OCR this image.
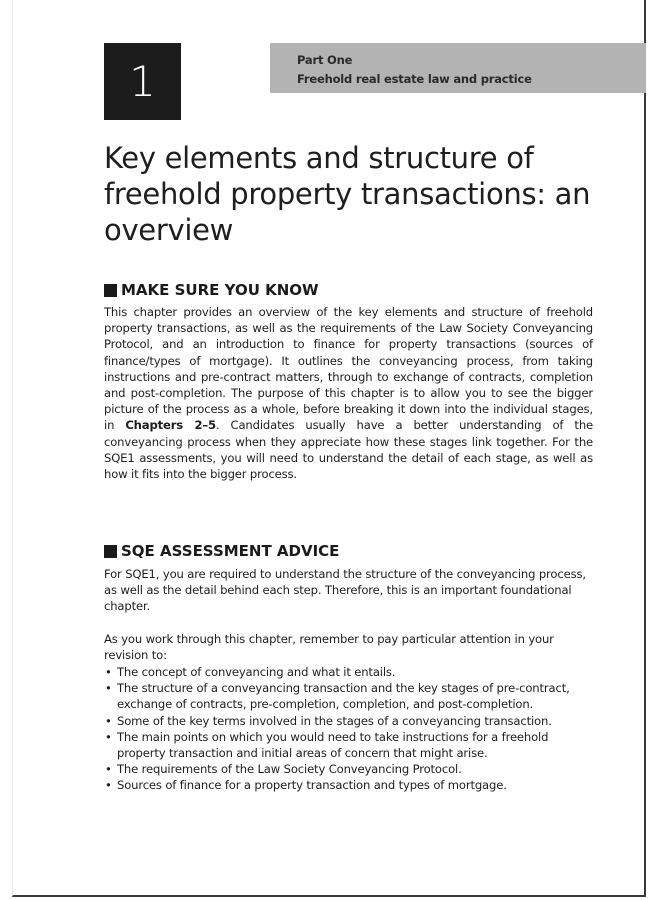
1	Part One
Freehold real estate law and practice
Key elements and structure of freehold property transactions: an overview
MAKE SURE YOU KNOW

This chapter provides an overview of the key elements and structure of freehold property transactions, as well as the requirements of the Law Society Conveyancing Protocol, and an introduction to finance for property transactions (sources of finance/types of mortgage). It outlines the conveyancing process, from taking instructions and pre-contract matters, through to exchange of contracts, completion and post-completion. The purpose of this chapter is to allow you to see the bigger picture of the process as a whole, before breaking it down into the individual stages, in Chapters 2–5. Candidates usually have a better understanding of the conveyancing process when they appreciate how these stages link together. For the SQE1 assessments, you will need to understand the detail of each stage, as well as how it fits into the bigger process.

SQE ASSESSMENT ADVICE

For SQE1, you are required to understand the structure of the conveyancing process, as well as the detail behind each step. Therefore, this is an important foundational chapter.

As you work through this chapter, remember to pay particular attention in your revision to:

• The concept of conveyancing and what it entails.
• The structure of a conveyancing transaction and the key stages of pre-contract, exchange of contracts, pre-completion, completion, and post-completion.
• Some of the key terms involved in the stages of a conveyancing transaction.
• The main points on which you would need to take instructions for a freehold property transaction and initial areas of concern that might arise.
• The requirements of the Law Society Conveyancing Protocol.
• Sources of finance for a property transaction and types of mortgage.
